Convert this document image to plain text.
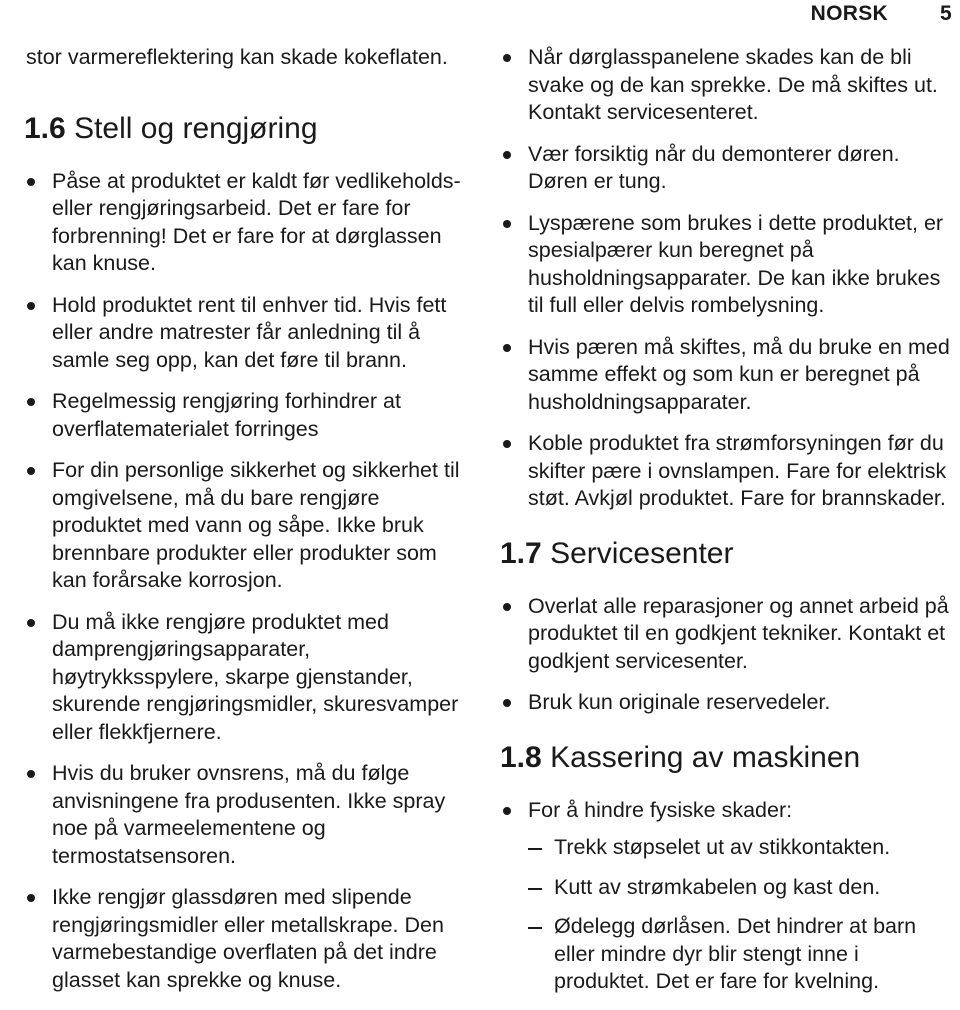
NORSK 5

stor varmereflektering kan skade kokeflaten.

1.6 Stell og rengjøring
Påse at produktet er kaldt før vedlikeholds- eller rengjøringsarbeid. Det er fare for forbrenning! Det er fare for at dørglassen kan knuse.
Hold produktet rent til enhver tid. Hvis fett eller andre matrester får anledning til å samle seg opp, kan det føre til brann.
Regelmessig rengjøring forhindrer at overflatematerialet forringes
For din personlige sikkerhet og sikkerhet til omgivelsene, må du bare rengjøre produktet med vann og såpe. Ikke bruk brennbare produkter eller produkter som kan forårsake korrosjon.
Du må ikke rengjøre produktet med damprengjøringsapparater, høytrykksspylere, skarpe gjenstander, skurende rengjøringsmidler, skuresvamper eller flekkfjernere.
Hvis du bruker ovnsrens, må du følge anvisningene fra produsenten. Ikke spray noe på varmeelementene og termostatsensoren.
Ikke rengjør glassdøren med slipende rengjøringsmidler eller metallskrape. Den varmebestandige overflaten på det indre glasset kan sprekke og knuse.
Når dørglasspanelene skades kan de bli svake og de kan sprekke. De må skiftes ut. Kontakt servicesenteret.
Vær forsiktig når du demonterer døren. Døren er tung.
Lyspærene som brukes i dette produktet, er spesialpærer kun beregnet på husholdningsapparater. De kan ikke brukes til full eller delvis rombelysning.
Hvis pæren må skiftes, må du bruke en med samme effekt og som kun er beregnet på husholdningsapparater.
Koble produktet fra strømforsyningen før du skifter pære i ovnslampen. Fare for elektrisk støt. Avkjøl produktet. Fare for brannskader.
1.7 Servicesenter
Overlat alle reparasjoner og annet arbeid på produktet til en godkjent tekniker. Kontakt et godkjent servicesenter.
Bruk kun originale reservedeler.
1.8 Kassering av maskinen
For å hindre fysiske skader:
Trekk støpselet ut av stikkontakten.
Kutt av strømkabelen og kast den.
Ødelegg dørlåsen. Det hindrer at barn eller mindre dyr blir stengt inne i produktet. Det er fare for kvelning.
